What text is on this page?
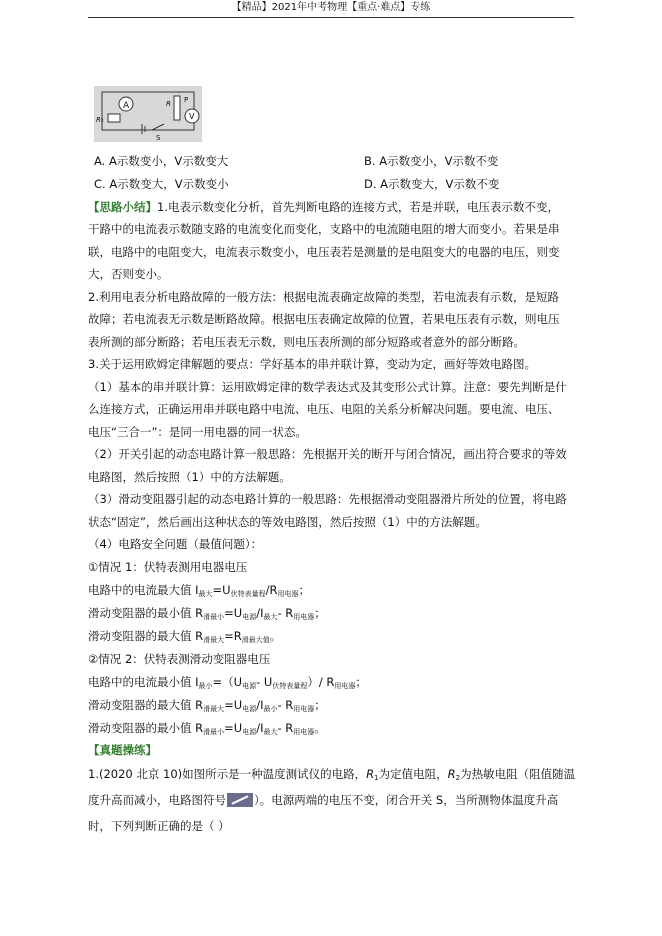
【精品】2021年中考物理【重点·难点】专练
A
R₁
S
R P
V
A. A示数变小，V示数变大	B. A示数变小，V示数不变
C. A示数变大，V示数变小	D. A示数变大，V示数不变
【思路小结】1.电表示数变化分析，首先判断电路的连接方式，若是并联，电压表示数不变，
干路中的电流表示数随支路的电流变化而变化，支路中的电流随电阻的增大而变小。若果是串
联，电路中的电阻变大，电流表示数变小，电压表若是测量的是电阻变大的电器的电压，则变
大，否则变小。
2.利用电表分析电路故障的一般方法：根据电流表确定故障的类型，若电流表有示数，是短路
故障；若电流表无示数是断路故障。根据电压表确定故障的位置，若果电压表有示数，则电压
表所测的部分断路；若电压表无示数，则电压表所测的部分短路或者意外的部分断路。
3.关于运用欧姆定律解题的要点：学好基本的串并联计算，变动为定，画好等效电路图。
（1）基本的串并联计算：运用欧姆定律的数学表达式及其变形公式计算。注意：要先判断是什
么连接方式，正确运用串并联电路中电流、电压、电阻的关系分析解决问题。要电流、电压、
电压“三合一”：是同一用电器的同一状态。
（2）开关引起的动态电路计算一般思路：先根据开关的断开与闭合情况，画出符合要求的等效
电路图，然后按照（1）中的方法解题。
（3）滑动变阻器引起的动态电路计算的一般思路：先根据滑动变阻器滑片所处的位置，将电路
状态“固定”，然后画出这种状态的等效电路图，然后按照（1）中的方法解题。
（4）电路安全问题（最值问题）：
①情况 1：伏特表测用电器电压
电路中的电流最大值 $I_{最大}=U_{伏特表量程}/R_{用电器}$；
滑动变阻器的最小值 $R_{滑最小}=U_{电源}/I_{最大}-$ $R_{用电器}$；
滑动变阻器的最大值 $R_{滑最大}=R_{滑最大值}$。
②情况 2：伏特表测滑动变阻器电压
电路中的电流最小值 $I_{最小}=(U_{电源}-$ $U_{伏特表量程})/$ $R_{用电器}$；
滑动变阻器的最大值 $R_{滑最大}=U_{电源}/I_{最小}-$ $R_{用电器}$；
滑动变阻器的最小值 $R_{滑最小}=U_{电源}/I_{最大}-$ $R_{用电器}$。
【真题操练】
1.(2020 北京 10)如图所示是一种温度测试仪的电路，$R_1$为定值电阻，$R_2$为热敏电阻（阻值随温
度升高而减小，电路图符号 ）。电源两端的电压不变，闭合开关 S，当所测物体温度升高
时，下列判断正确的是（ ）
